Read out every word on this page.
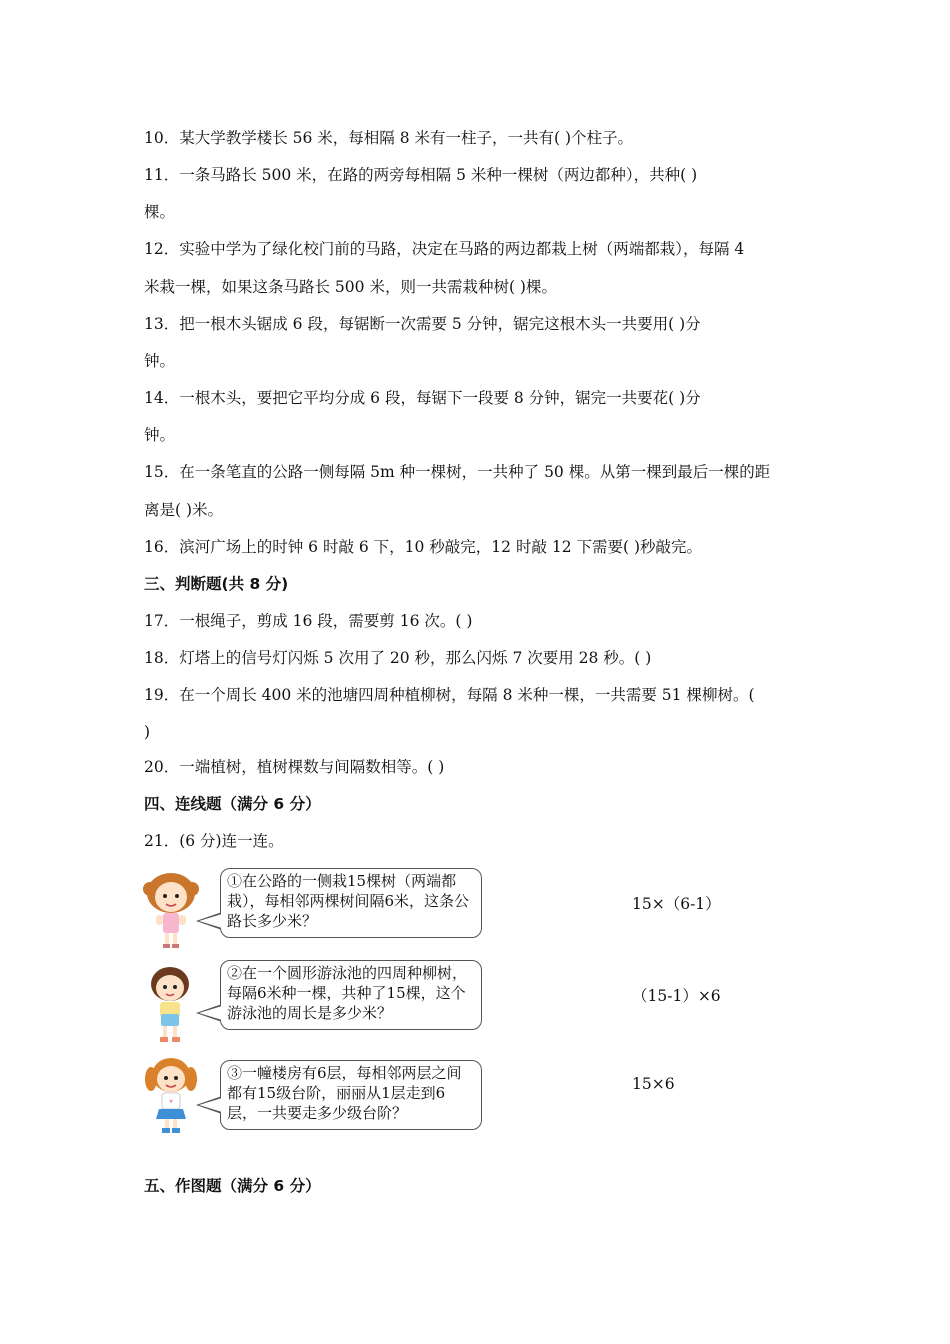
10．某大学教学楼长 56 米，每相隔 8 米有一柱子，一共有( )个柱子。
11．一条马路长 500 米，在路的两旁每相隔 5 米种一棵树（两边都种），共种( )
棵。
12．实验中学为了绿化校门前的马路，决定在马路的两边都栽上树（两端都栽），每隔 4
米栽一棵，如果这条马路长 500 米，则一共需栽种树( )棵。
13．把一根木头锯成 6 段，每锯断一次需要 5 分钟，锯完这根木头一共要用( )分
钟。
14．一根木头，要把它平均分成 6 段，每锯下一段要 8 分钟，锯完一共要花( )分
钟。
15．在一条笔直的公路一侧每隔 5m 种一棵树，一共种了 50 棵。从第一棵到最后一棵的距
离是( )米。
16．滨河广场上的时钟 6 时敲 6 下，10 秒敲完，12 时敲 12 下需要( )秒敲完。
三、判断题(共 8 分)
17．一根绳子，剪成 16 段，需要剪 16 次。( )
18．灯塔上的信号灯闪烁 5 次用了 20 秒，那么闪烁 7 次要用 28 秒。( )
19．在一个周长 400 米的池塘四周种植柳树，每隔 8 米种一棵，一共需要 51 棵柳树。(
)
20．一端植树，植树棵数与间隔数相等。( )
四、连线题（满分 6 分）
21．(6 分)连一连。
①在公路的一侧栽15棵树（两端都栽），每相邻两棵树间隔6米，这条公路长多少米？
15×（6-1）
②在一个圆形游泳池的四周种柳树，每隔6米种一棵，共种了15棵，这个游泳池的周长是多少米？
（15-1）×6
③一幢楼房有6层，每相邻两层之间都有15级台阶，丽丽从1层走到6层，一共要走多少级台阶？
15×6
五、作图题（满分 6 分）
